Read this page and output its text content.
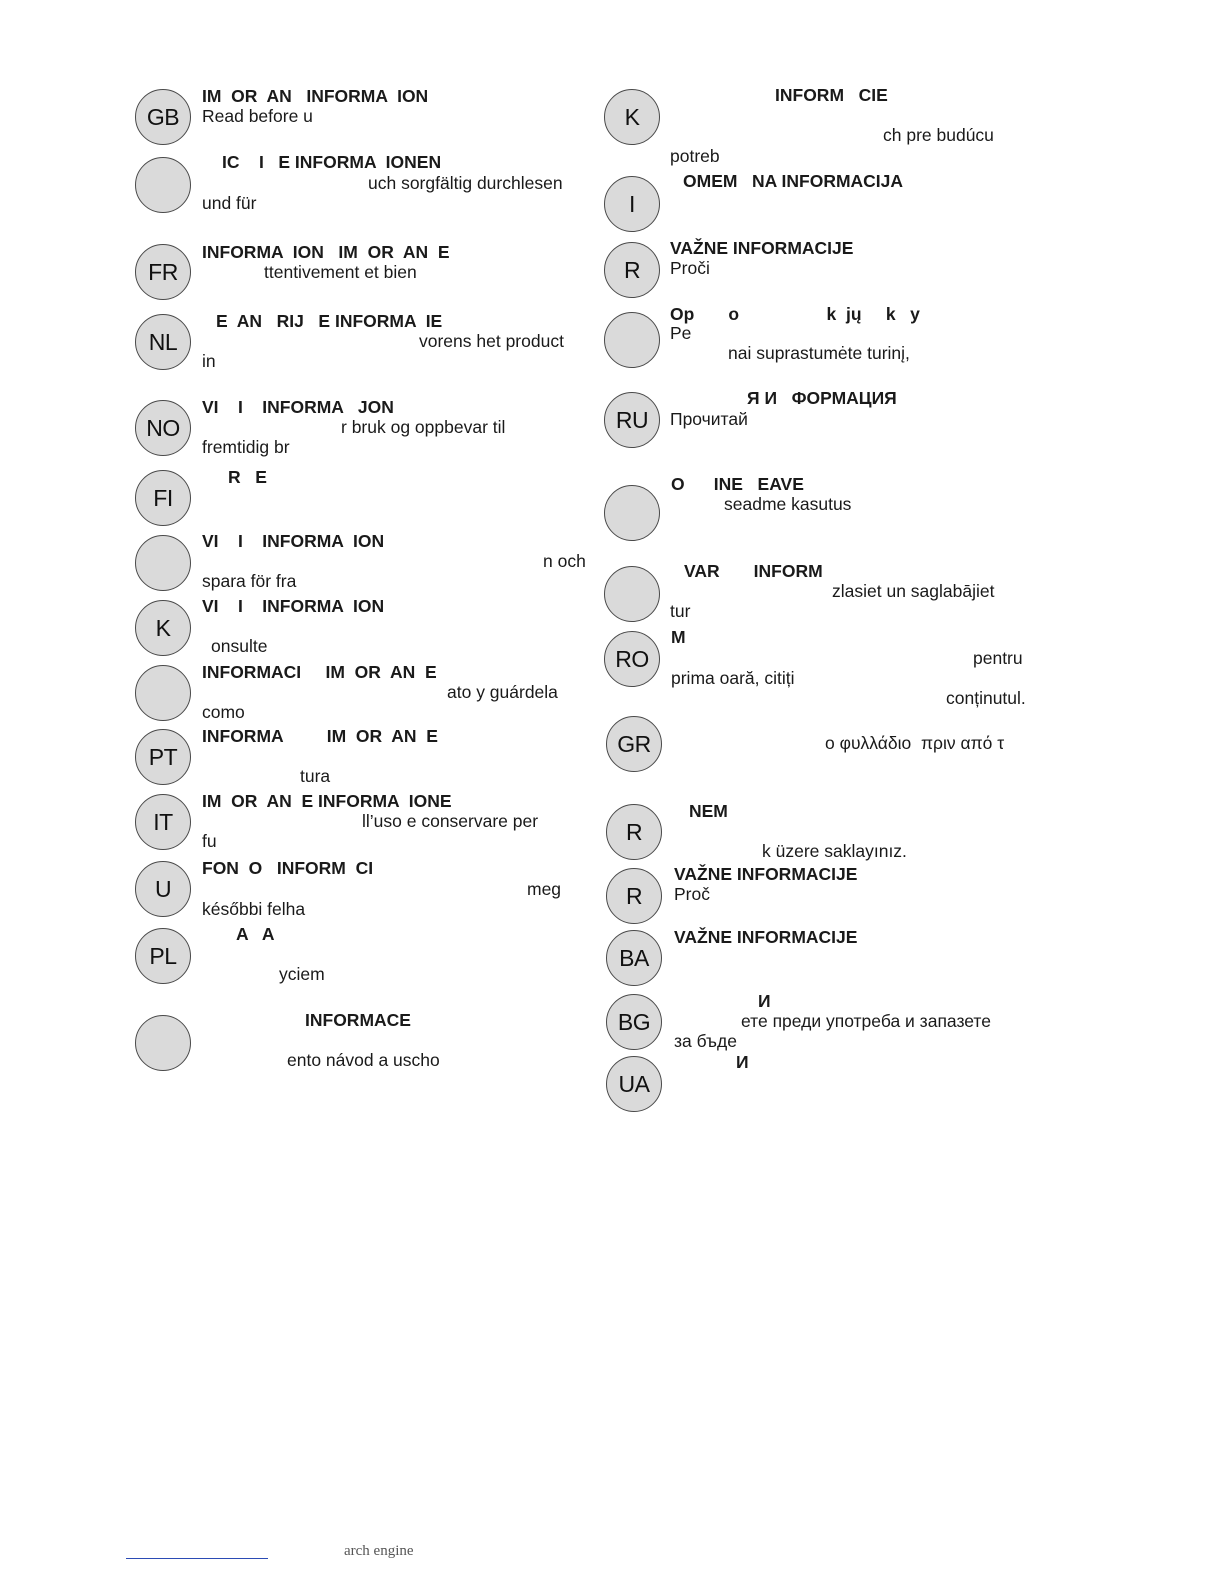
GB
IM  OR  AN   INFORMA  ION
Read before u
IC    I   E INFORMA  IONEN
uch sorgfältig durchlesen
und für
FR
INFORMA  ION   IM  OR  AN  E
ttentivement et bien
NL
E  AN   RIJ   E INFORMA  IE
vorens het product
in
NO
VI    I    INFORMA   JON
r bruk og oppbevar til
fremtidig br
FI
R   E
VI    I    INFORMA  ION
n och
spara för fra
K
VI    I    INFORMA  ION
onsulte
INFORMACI     IM  OR  AN  E
ato y guárdela
como
PT
INFORMA         IM  OR  AN  E
tura
IT
IM  OR  AN  E INFORMA  IONE
ll’uso e conservare per
fu
U
FON  O   INFORM  CI
meg
későbbi felha
PL
A   A
yciem
INFORMACE
ento návod a uscho
K
INFORM   CIE
ch pre budúcu
potreb
I
OMEM   NA INFORMACIJA
R
VAŽNE INFORMACIJE
Proči
Op       o                  k  jų     k   y
Pe
nai suprastumėte turinį,
RU
Я И   ФОРМАЦИЯ
Прочитай
O      INE   EAVE
seadme kasutus
VAR       INFORM
zlasiet un saglabājiet
tur
RO
M
pentru
prima oară, citiți
conținutul.
GR	ο φυλλάδιο  πριν από τ
R
NEM
k üzere saklayınız.
R
VAŽNE INFORMACIJE
Proč
BA
VAŽNE INFORMACIJE
BG
И
ете преди употреба и запазете
за бъде
UA
И
arch engine
